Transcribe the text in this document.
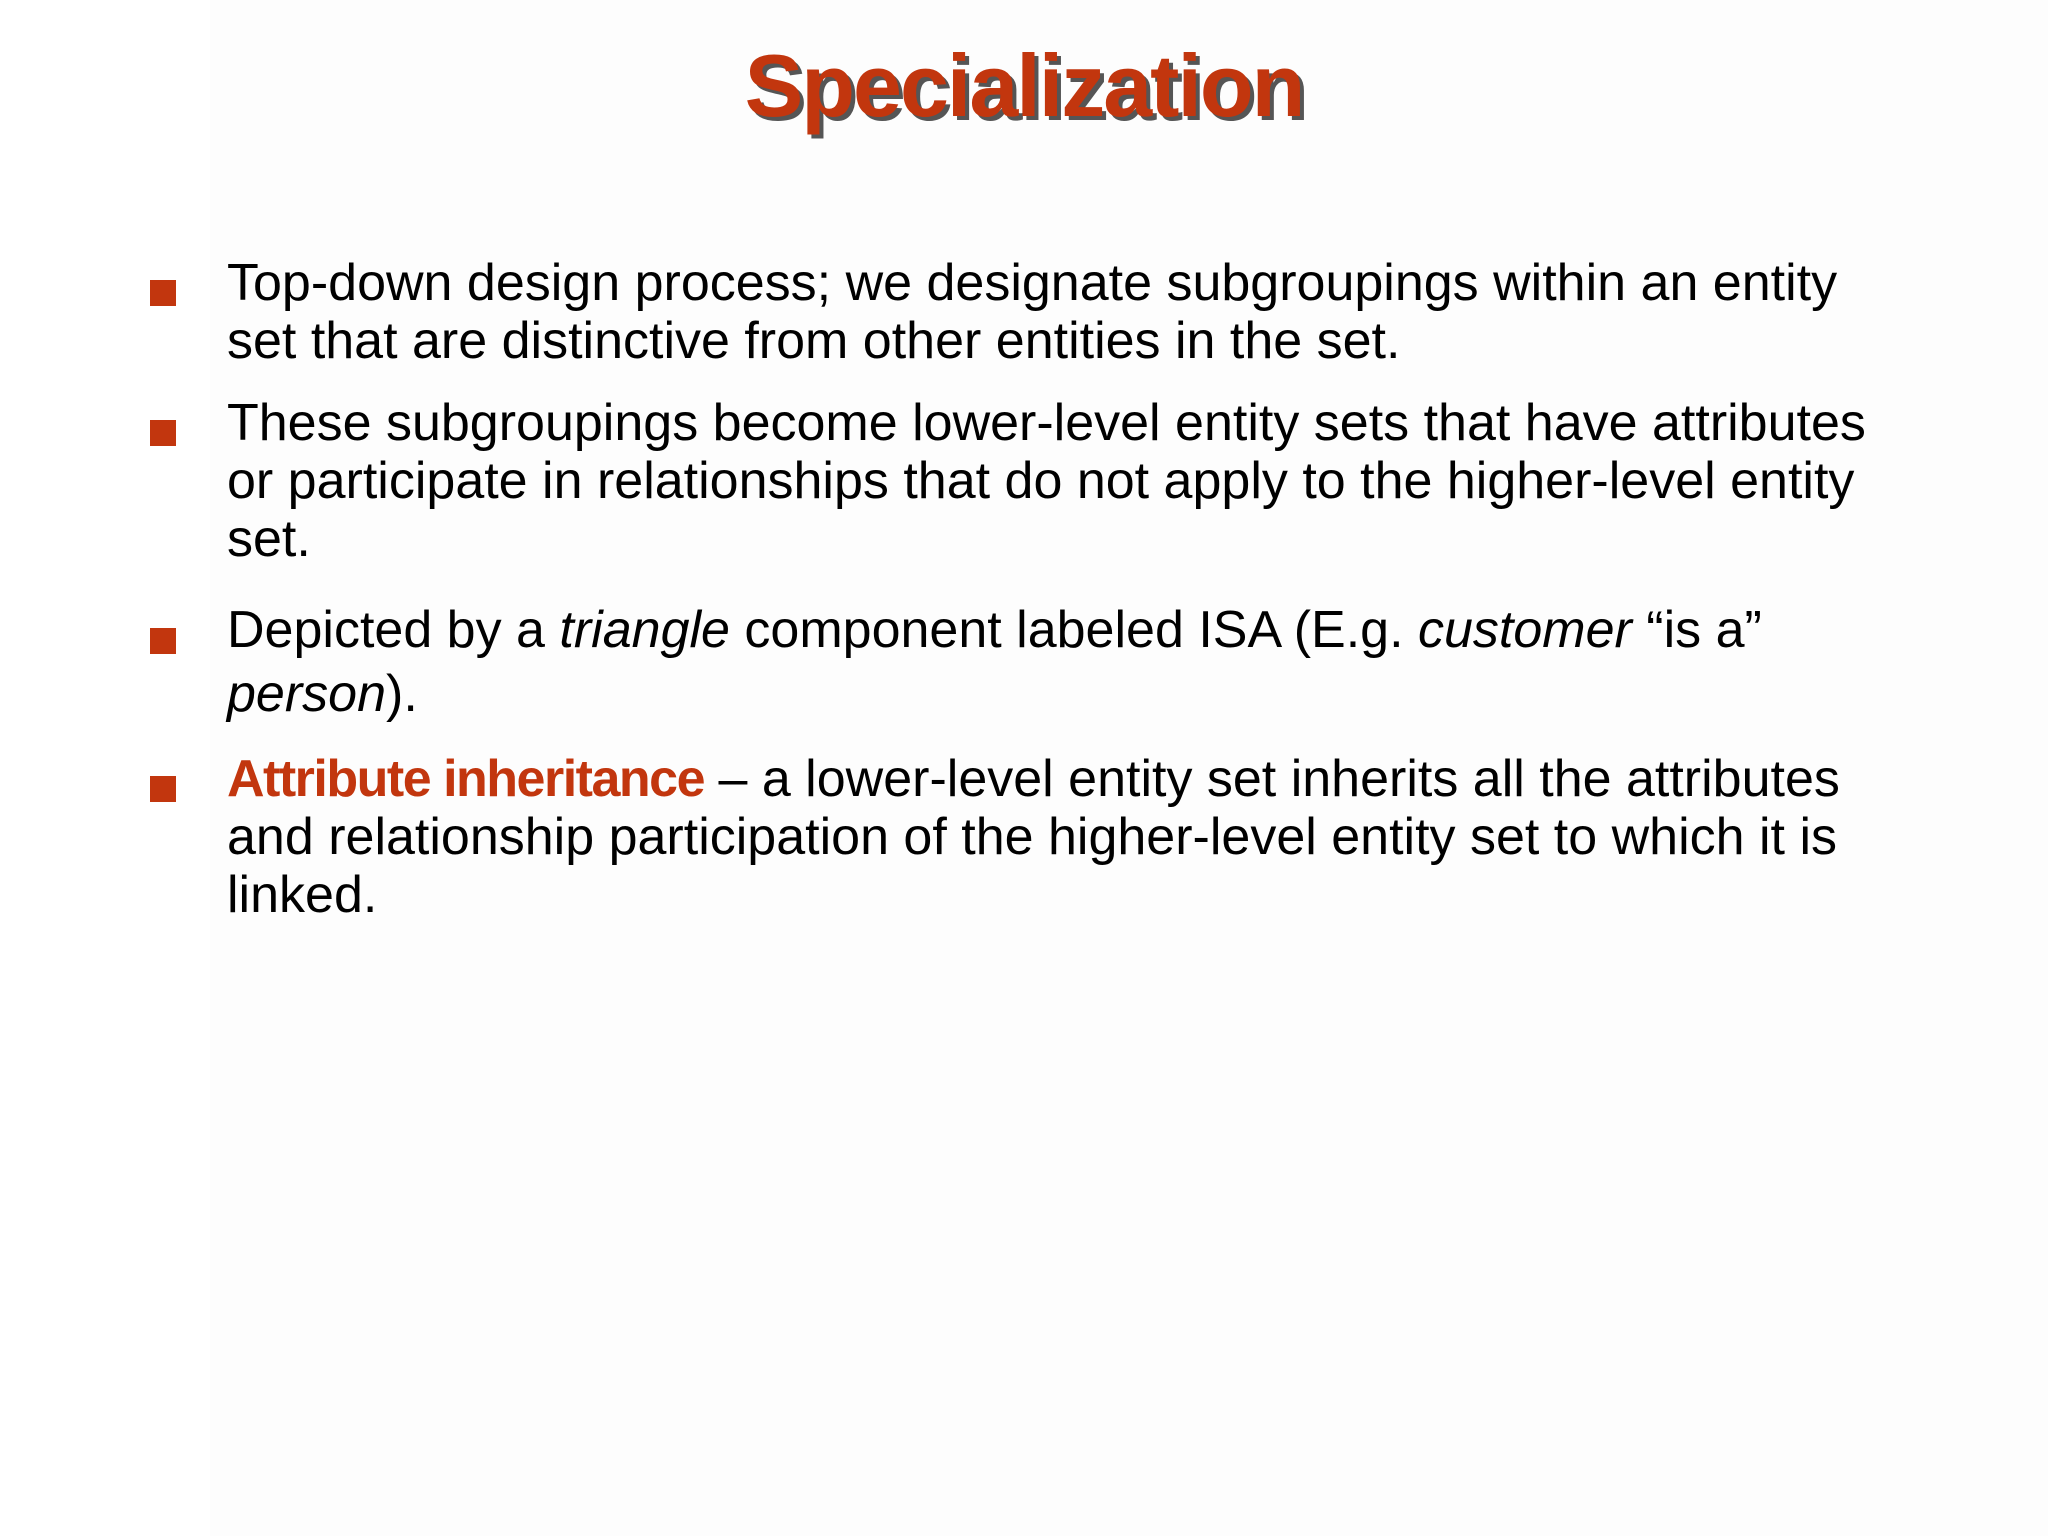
Specialization
Top-down design process; we designate subgroupings within an entity set that are distinctive from other entities in the set.
These subgroupings become lower-level entity sets that have attributes or participate in relationships that do not apply to the higher-level entity set.
Depicted by a triangle component labeled ISA (E.g. customer “is a” person).
Attribute inheritance – a lower-level entity set inherits all the attributes and relationship participation of the higher-level entity set to which it is linked.
